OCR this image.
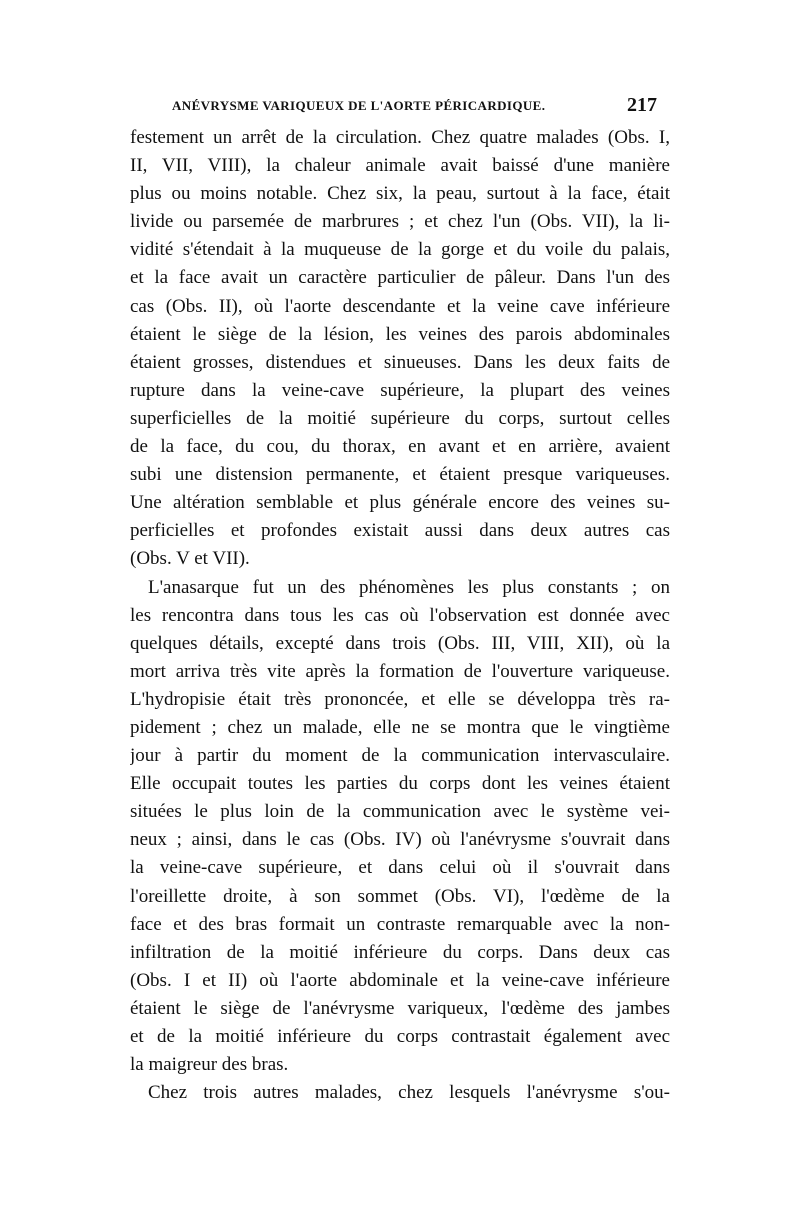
ANÉVRYSME VARIQUEUX DE L'AORTE PÉRICARDIQUE.	217
festement un arrêt de la circulation. Chez quatre malades (Obs. I,
II, VII, VIII), la chaleur animale avait baissé d'une manière
plus ou moins notable. Chez six, la peau, surtout à la face, était
livide ou parsemée de marbrures ; et chez l'un (Obs. VII), la li-
vidité s'étendait à la muqueuse de la gorge et du voile du palais,
et la face avait un caractère particulier de pâleur. Dans l'un des
cas (Obs. II), où l'aorte descendante et la veine cave inférieure
étaient le siège de la lésion, les veines des parois abdominales
étaient grosses, distendues et sinueuses. Dans les deux faits de
rupture dans la veine-cave supérieure, la plupart des veines
superficielles de la moitié supérieure du corps, surtout celles
de la face, du cou, du thorax, en avant et en arrière, avaient
subi une distension permanente, et étaient presque variqueuses.
Une altération semblable et plus générale encore des veines su-
perficielles et profondes existait aussi dans deux autres cas
(Obs. V et VII).
L'anasarque fut un des phénomènes les plus constants ; on
les rencontra dans tous les cas où l'observation est donnée avec
quelques détails, excepté dans trois (Obs. III, VIII, XII), où la
mort arriva très vite après la formation de l'ouverture variqueuse.
L'hydropisie était très prononcée, et elle se développa très ra-
pidement ; chez un malade, elle ne se montra que le vingtième
jour à partir du moment de la communication intervasculaire.
Elle occupait toutes les parties du corps dont les veines étaient
situées le plus loin de la communication avec le système vei-
neux ; ainsi, dans le cas (Obs. IV) où l'anévrysme s'ouvrait dans
la veine-cave supérieure, et dans celui où il s'ouvrait dans
l'oreillette droite, à son sommet (Obs. VI), l'œdème de la
face et des bras formait un contraste remarquable avec la non-
infiltration de la moitié inférieure du corps. Dans deux cas
(Obs. I et II) où l'aorte abdominale et la veine-cave inférieure
étaient le siège de l'anévrysme variqueux, l'œdème des jambes
et de la moitié inférieure du corps contrastait également avec
la maigreur des bras.
Chez trois autres malades, chez lesquels l'anévrysme s'ou-
